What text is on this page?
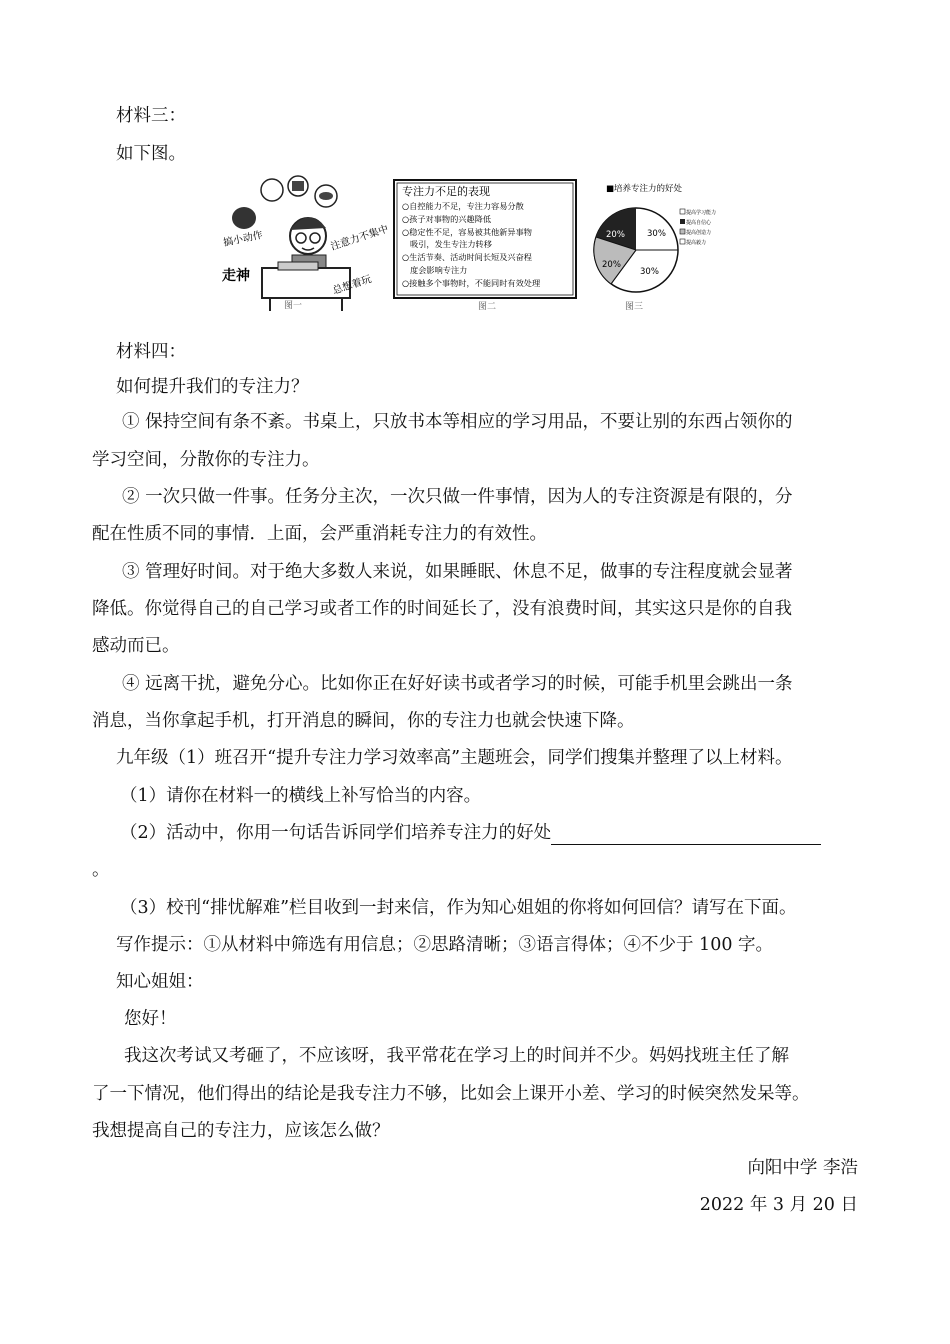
材料三：
如下图。
搞小动作	注意力不集中
总想着玩
走神
图一
专注力不足的表现
○自控能力不足，专注力容易分散
○孩子对事物的兴趣降低
○稳定性不足，容易被其他新异事物
吸引，发生专注力转移
○生活节奏、活动时间长短及兴奋程
度会影响专注力
○接触多个事物时，不能同时有效处理
图二
■培养专注力的好处
30%
30%
20%
20%
提高学习能力
提高自信心
提高创造力
提高毅力
图三
材料四：
如何提升我们的专注力？
① 保持空间有条不紊。书桌上，只放书本等相应的学习用品，不要让别的东西占领你的
学习空间，分散你的专注力。
② 一次只做一件事。任务分主次，一次只做一件事情，因为人的专注资源是有限的，分
配在性质不同的事情．上面，会严重消耗专注力的有效性。
③ 管理好时间。对于绝大多数人来说，如果睡眠、休息不足，做事的专注程度就会显著
降低。你觉得自己的自己学习或者工作的时间延长了，没有浪费时间，其实这只是你的自我
感动而已。
④ 远离干扰，避免分心。比如你正在好好读书或者学习的时候，可能手机里会跳出一条
消息，当你拿起手机，打开消息的瞬间，你的专注力也就会快速下降。
九年级（1）班召开“提升专注力学习效率高”主题班会，同学们搜集并整理了以上材料。
（1）请你在材料一的横线上补写恰当的内容。
（2）活动中，你用一句话告诉同学们培养专注力的好处
。
（3）校刊“排忧解难”栏目收到一封来信，作为知心姐姐的你将如何回信？请写在下面。
写作提示：①从材料中筛选有用信息；②思路清晰；③语言得体；④不少于 100 字。
知心姐姐：
您好！
我这次考试又考砸了，不应该呀，我平常花在学习上的时间并不少。妈妈找班主任了解
了一下情况，他们得出的结论是我专注力不够，比如会上课开小差、学习的时候突然发呆等。
我想提高自己的专注力，应该怎么做？
向阳中学 李浩
2022 年 3 月 20 日
